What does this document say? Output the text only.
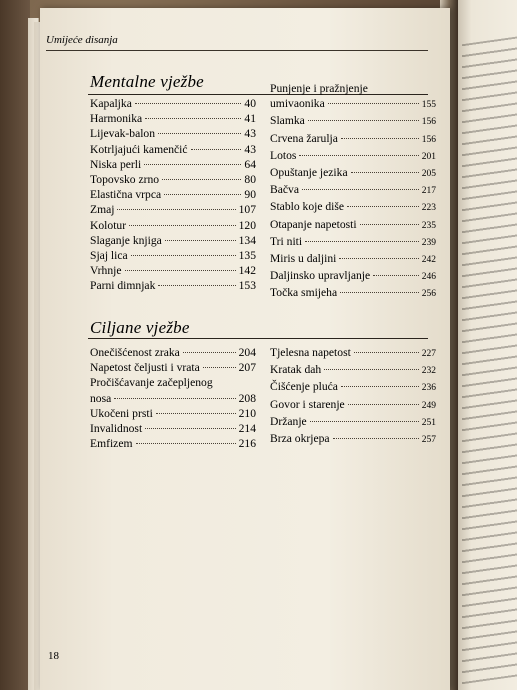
Umijeće disanja
Mentalne vježbe
Kapaljka	40
Harmonika	41
Lijevak-balon	43
Kotrljajući kamenčić	43
Niska perli	64
Topovsko zrno	80
Elastična vrpca	90
Zmaj	107
Kolotur	120
Slaganje knjiga	134
Sjaj lica	135
Vrhnje	142
Parni dimnjak	153
Punjenje i pražnjenje
umivaonika	155
Slamka	156
Crvena žarulja	156
Lotos	201
Opuštanje jezika	205
Bačva	217
Stablo koje diše	223
Otapanje napetosti	235
Tri niti	239
Miris u daljini	242
Daljinsko upravljanje	246
Točka smijeha	256
Ciljane vježbe
Onečišćenost zraka	204
Napetost čeljusti i vrata	207
Pročišćavanje začepljenog
nosa	208
Ukočeni prsti	210
Invalidnost	214
Emfizem	216
Tjelesna napetost	227
Kratak dah	232
Čišćenje pluća	236
Govor i starenje	249
Držanje	251
Brza okrjepa	257
18
